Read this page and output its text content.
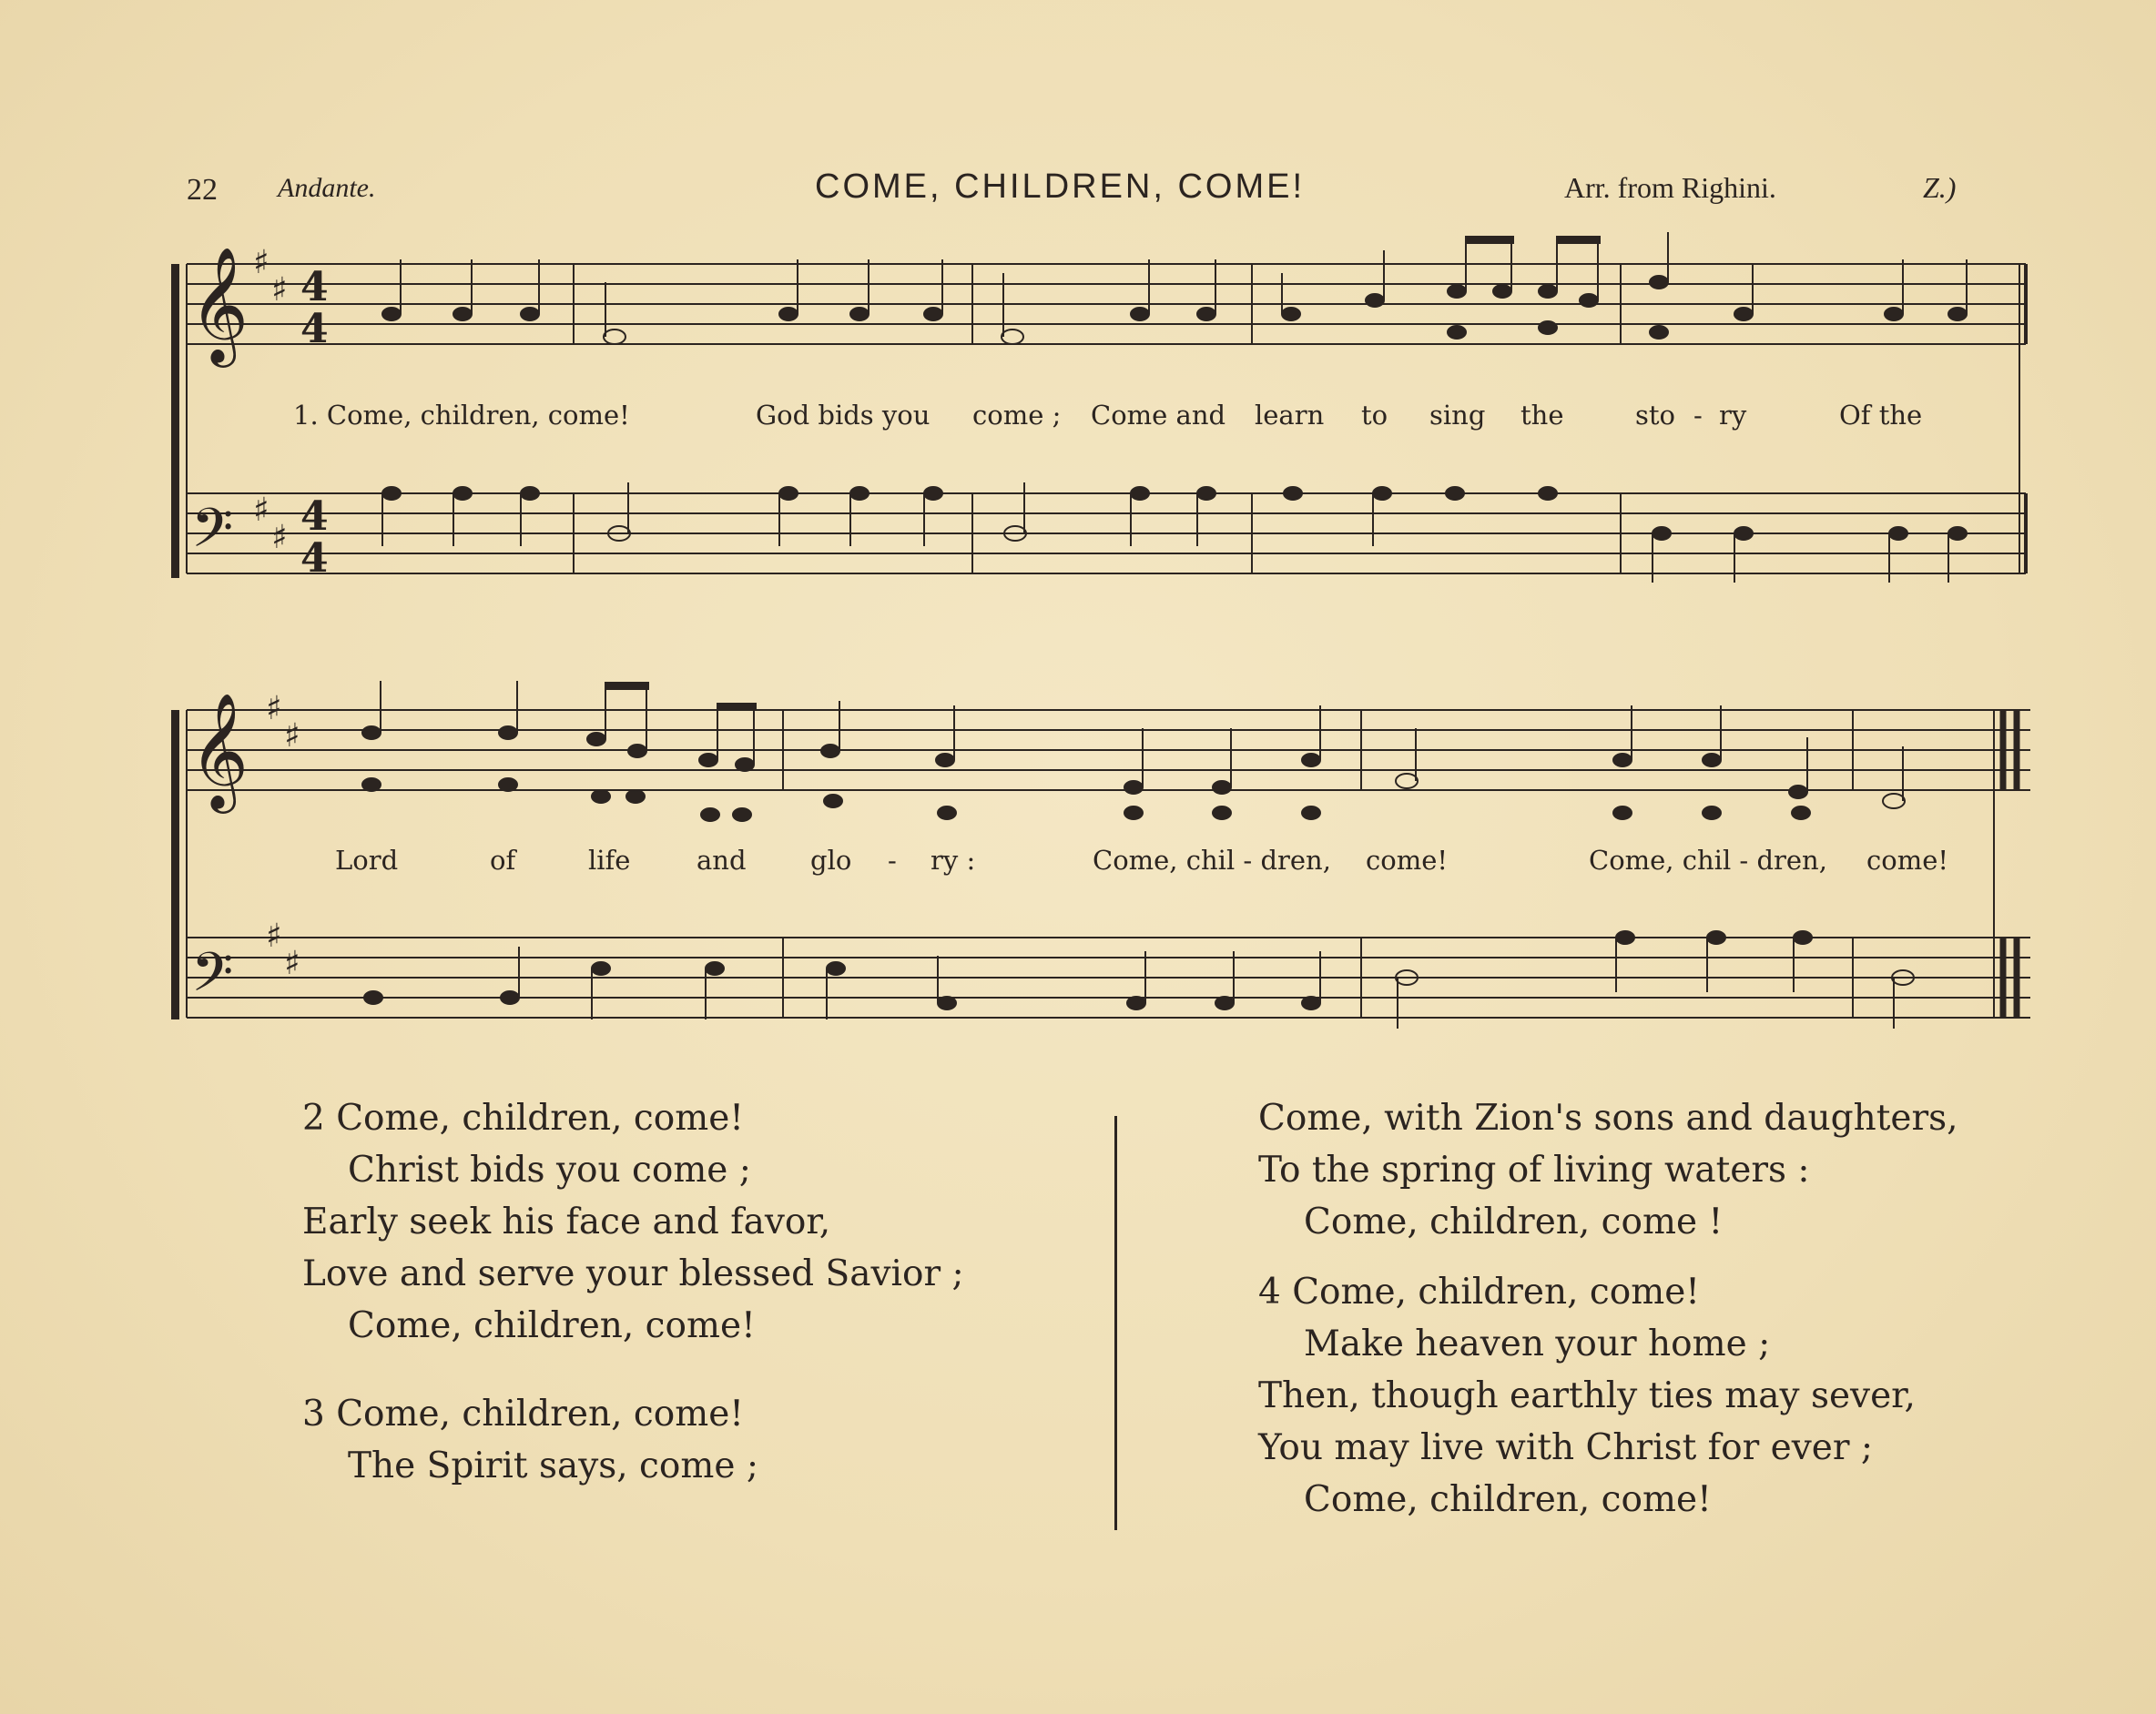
22 Andante.	COME, CHILDREN, COME!	Arr. from Righini.	Z.)
𝄞
𝄢
𝄞
𝄢
♯
♯
♯
♯
♯
♯
♯
♯
4
4
4
4
1. Come, children, come!	God bids you come ; Come and learn to sing the	sto - ry	Of the
Lord	of	life	and glo - ry :	Come, chil - dren, come!	Come, chil - dren, come!
2 Come, children, come!
Christ bids you come ;
Early seek his face and favor,
Love and serve your blessed Savior ;
Come, children, come!
3 Come, children, come!
The Spirit says, come ;
Come, with Zion's sons and daughters,
To the spring of living waters :
Come, children, come !
4 Come, children, come!
Make heaven your home ;
Then, though earthly ties may sever,
You may live with Christ for ever ;
Come, children, come!
